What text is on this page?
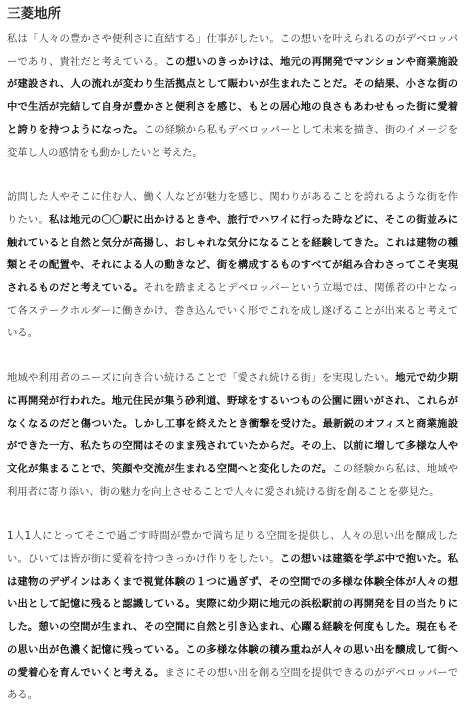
三菱地所
私は「人々の豊かさや便利さに直結する」仕事がしたい。この想いを叶えられるのがデベロッパーであり、貴社だと考えている。この想いのきっかけは、地元の再開発でマンションや商業施設が建設され、人の流れが変わり生活拠点として賑わいが生まれたことだ。その結果、小さな街の中で生活が完結して自身が豊かさと便利さを感じ、もとの居心地の良さもあわせもった街に愛着と誇りを持つようになった。この経験から私もデベロッパーとして未来を描き、街のイメージを変革し人の感情をも動かしたいと考えた。
訪問した人やそこに住む人、働く人などが魅力を感じ、関わりがあることを誇れるような街を作りたい。私は地元の〇〇駅に出かけるときや、旅行でハワイに行った時などに、そこの街並みに触れていると自然と気分が高揚し、おしゃれな気分になることを経験してきた。これは建物の種類とその配置や、それによる人の動きなど、街を構成するものすべてが組み合わさってこそ実現されるものだと考えている。それを踏まえるとデベロッパーという立場では、関係者の中となって各ステークホルダーに働きかけ、巻き込んでいく形でこれを成し遂げることが出来ると考えている。
地域や利用者のニーズに向き合い続けることで「愛され続ける街」を実現したい。地元で幼少期に再開発が行われた。地元住民が集う砂利道、野球をするいつもの公園に囲いがされ、これらがなくなるのだと傷ついた。しかし工事を終えたとき衝撃を受けた。最新鋭のオフィスと商業施設ができた一方、私たちの空間はそのまま残されていたからだ。その上、以前に増して多様な人や文化が集まることで、笑顔や交流が生まれる空間へと変化したのだ。この経験から私は、地域や利用者に寄り添い、街の魅力を向上させることで人々に愛され続ける街を創ることを夢見た。
1人1人にとってそこで過ごす時間が豊かで満ち足りる空間を提供し、人々の思い出を醸成したい。ひいては皆が街に愛着を持つきっかけ作りをしたい。この想いは建築を学ぶ中で抱いた。私は建物のデザインはあくまで視覚体験の１つに過ぎず、その空間での多様な体験全体が人々の想い出として記憶に残ると認識している。実際に幼少期に地元の浜松駅前の再開発を目の当たりにした。憩いの空間が生まれ、その空間に自然と引き込まれ、心躍る経験を何度もした。現在もその思い出が色濃く記憶に残っている。この多様な体験の積み重ねが人々の思い出を醸成して街への愛着心を育んでいくと考える。まさにその想い出を創る空間を提供できるのがデベロッパーである。
